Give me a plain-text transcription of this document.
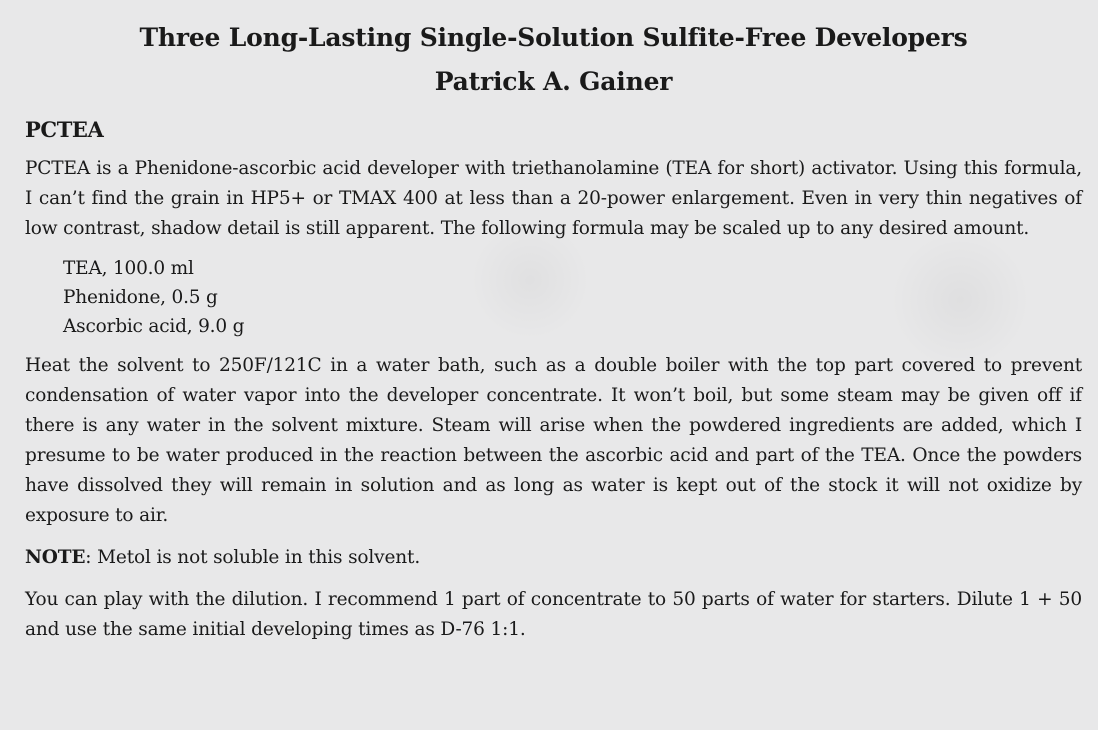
Three Long-Lasting Single-Solution Sulfite-Free Developers
Patrick A. Gainer
PCTEA

PCTEA is a Phenidone-ascorbic acid developer with triethanolamine (TEA for short) activator. Using this formula, I can’t find the grain in HP5+ or TMAX 400 at less than a 20-power enlargement. Even in very thin negatives of low contrast, shadow detail is still apparent. The following formula may be scaled up to any desired amount.

TEA, 100.0 ml
Phenidone, 0.5 g
Ascorbic acid, 9.0 g

Heat the solvent to 250F/121C in a water bath, such as a double boiler with the top part covered to prevent condensation of water vapor into the developer concentrate. It won’t boil, but some steam may be given off if there is any water in the solvent mixture. Steam will arise when the powdered ingredients are added, which I presume to be water produced in the reaction between the ascorbic acid and part of the TEA. Once the powders have dissolved they will remain in solution and as long as water is kept out of the stock it will not oxidize by exposure to air.

NOTE: Metol is not soluble in this solvent.

You can play with the dilution. I recommend 1 part of concentrate to 50 parts of water for starters. Dilute 1 + 50 and use the same initial developing times as D-76 1:1.
